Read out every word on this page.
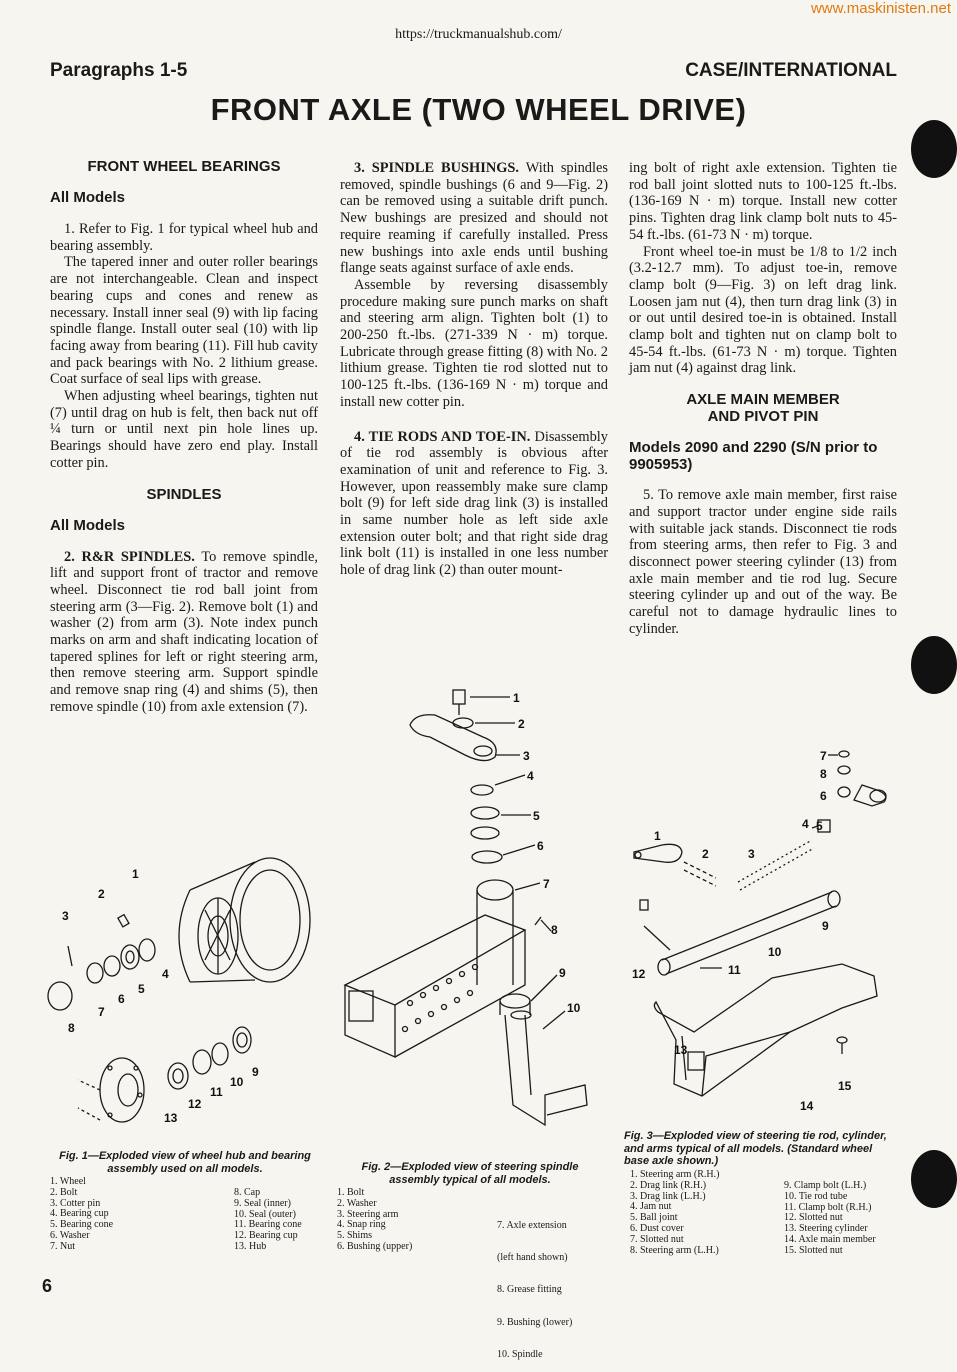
www.maskinisten.net
https://truckmanualshub.com/
Paragraphs 1-5	CASE/INTERNATIONAL
FRONT AXLE (TWO WHEEL DRIVE)
FRONT WHEEL BEARINGS
All Models

1. Refer to Fig. 1 for typical wheel hub and bearing assembly.

The tapered inner and outer roller bearings are not interchangeable. Clean and inspect bearing cups and cones and renew as necessary. Install inner seal (9) with lip facing spindle flange. Install outer seal (10) with lip facing away from bearing (11). Fill hub cavity and pack bearings with No. 2 lithium grease. Coat surface of seal lips with grease.

When adjusting wheel bearings, tighten nut (7) until drag on hub is felt, then back nut off ¼ turn or until next pin hole lines up. Bearings should have zero end play. Install cotter pin.

SPINDLES
All Models

2. R&R SPINDLES. To remove spindle, lift and support front of tractor and remove wheel. Disconnect tie rod ball joint from steering arm (3—Fig. 2). Remove bolt (1) and washer (2) from arm (3). Note index punch marks on arm and shaft indicating location of tapered splines for left or right steering arm, then remove steering arm. Support spindle and remove snap ring (4) and shims (5), then remove spindle (10) from axle extension (7).

3. SPINDLE BUSHINGS. With spindles removed, spindle bushings (6 and 9—Fig. 2) can be removed using a suitable drift punch. New bushings are presized and should not require reaming if carefully installed. Press new bushings into axle ends until bushing flange seats against surface of axle ends.

Assemble by reversing disassembly procedure making sure punch marks on shaft and steering arm align. Tighten bolt (1) to 200-250 ft.-lbs. (271-339 N · m) torque. Lubricate through grease fitting (8) with No. 2 lithium grease. Tighten tie rod slotted nut to 100-125 ft.-lbs. (136-169 N · m) torque and install new cotter pin.

4. TIE RODS AND TOE-IN. Disassembly of tie rod assembly is obvious after examination of unit and reference to Fig. 3. However, upon reassembly make sure clamp bolt (9) for left side drag link (3) is installed in same number hole as left side axle extension outer bolt; and that right side drag link bolt (11) is installed in one less number hole of drag link (2) than outer mount-

ing bolt of right axle extension. Tighten tie rod ball joint slotted nuts to 100-125 ft.-lbs. (136-169 N · m) torque. Install new cotter pins. Tighten drag link clamp bolt nuts to 45-54 ft.-lbs. (61-73 N · m) torque.

Front wheel toe-in must be 1/8 to 1/2 inch (3.2-12.7 mm). To adjust toe-in, remove clamp bolt (9—Fig. 3) on left drag link. Loosen jam nut (4), then turn drag link (3) in or out until desired toe-in is obtained. Install clamp bolt and tighten nut on clamp bolt to 45-54 ft.-lbs. (61-73 N · m) torque. Tighten jam nut (4) against drag link.

AXLE MAIN MEMBER
AND PIVOT PIN
Models 2090 and 2290 (S/N prior to 9905953)

5. To remove axle main member, first raise and support tractor under engine side rails with suitable jack stands. Disconnect tie rods from steering arms, then refer to Fig. 3 and disconnect power steering cylinder (13) from axle main member and tie rod lug. Secure steering cylinder up and out of the way. Be careful not to damage hydraulic lines to cylinder.

1
2
3
4
5
6
7
8
9
10
11
12
13
Fig. 1—Exploded view of wheel hub and bearing assembly used on all models.
1. Wheel
2. Bolt
3. Cotter pin
4. Bearing cup
5. Bearing cone
6. Washer
7. Nut
8. Cap
9. Seal (inner)
10. Seal (outer)
11. Bearing cone
12. Bearing cup
13. Hub
1
2
3
4
5
6
7
8
9
10
Fig. 2—Exploded view of steering spindle assembly typical of all models.
1. Bolt
2. Washer
3. Steering arm
4. Snap ring
5. Shims
6. Bushing (upper)

7. Axle extension

(left hand shown)

8. Grease fitting

9. Bushing (lower)

10. Spindle

7
8
6
5
4
1
2	3
9
10
11
12
13
14
15
Fig. 3—Exploded view of steering tie rod, cylinder, and arms typical of all models. (Standard wheel base axle shown.)
1. Steering arm (R.H.)
2. Drag link (R.H.)
3. Drag link (L.H.)
4. Jam nut
5. Ball joint
6. Dust cover
7. Slotted nut
8. Steering arm (L.H.)
9. Clamp bolt (L.H.)
10. Tie rod tube
11. Clamp bolt (R.H.)
12. Slotted nut
13. Steering cylinder
14. Axle main member
15. Slotted nut
6
